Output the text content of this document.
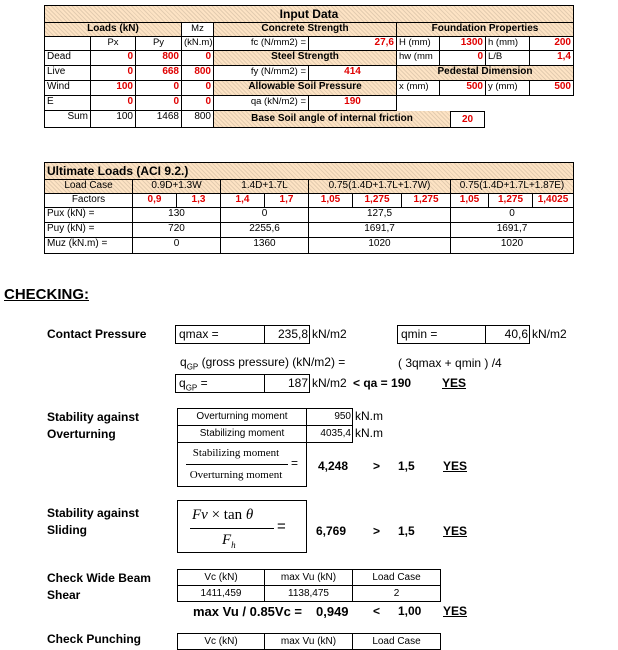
Input Data
Loads (kN)	Mz
Px	Py	(kN.m)
Dead	0	800	0
Live	0	668	800
Wind	100	0	0
E	0	0	0
Sum	100	1468	800
Concrete Strength
fc (N/mm2) =	27,6
Steel Strength
fy (N/mm2) =	414
Allowable Soil Pressure
qa (kN/m2) =	190
Base Soil angle of internal friction	20
Foundation Properties
H (mm)	1300 h (mm)	200
hw (mm	0 L/B	1,4
Pedestal Dimension
x (mm)	500 y (mm)	500
Ultimate Loads (ACI 9.2.)
Load Case	0.9D+1.3W	1.4D+1.7L	0.75(1.4D+1.7L+1.7W)	0.75(1.4D+1.7L+1.87E)
Factors	0,9	1,3	1,4	1,7	1,05	1,275	1,275	1,05	1,275	1,4025
Pux (kN) =	130	0	127,5	0
Puy (kN) =	720	2255,6	1691,7	1691,7
Muz (kN.m) =	0	1360	1020	1020
CHECKING:
Contact Pressure	qmax =	235,8 kN/m2	qmin =	40,6 kN/m2
$q_{GP}$ (gross pressure) (kN/m2) =	( 3qmax + qmin ) /4
$q_{GP}$ =	187 kN/m2 < qa = 190	YES
Stability against
Overturning
Overturning moment	950 kN.m
Stabilizing moment	4035,4 kN.m
Stabilizing moment
Overturning moment
= 4,248 > 1,5 YES
Stability against
Sliding
Fv × tan θ
$F_h$
=	6,769 > 1,5 YES
Check Wide Beam
Shear
Vc (kN)	max Vu (kN)	Load Case
1411,459	1138,475	2
max Vu / 0.85Vc = 0,949 < 1,00 YES
Check Punching	Vc (kN)	max Vu (kN)	Load Case
